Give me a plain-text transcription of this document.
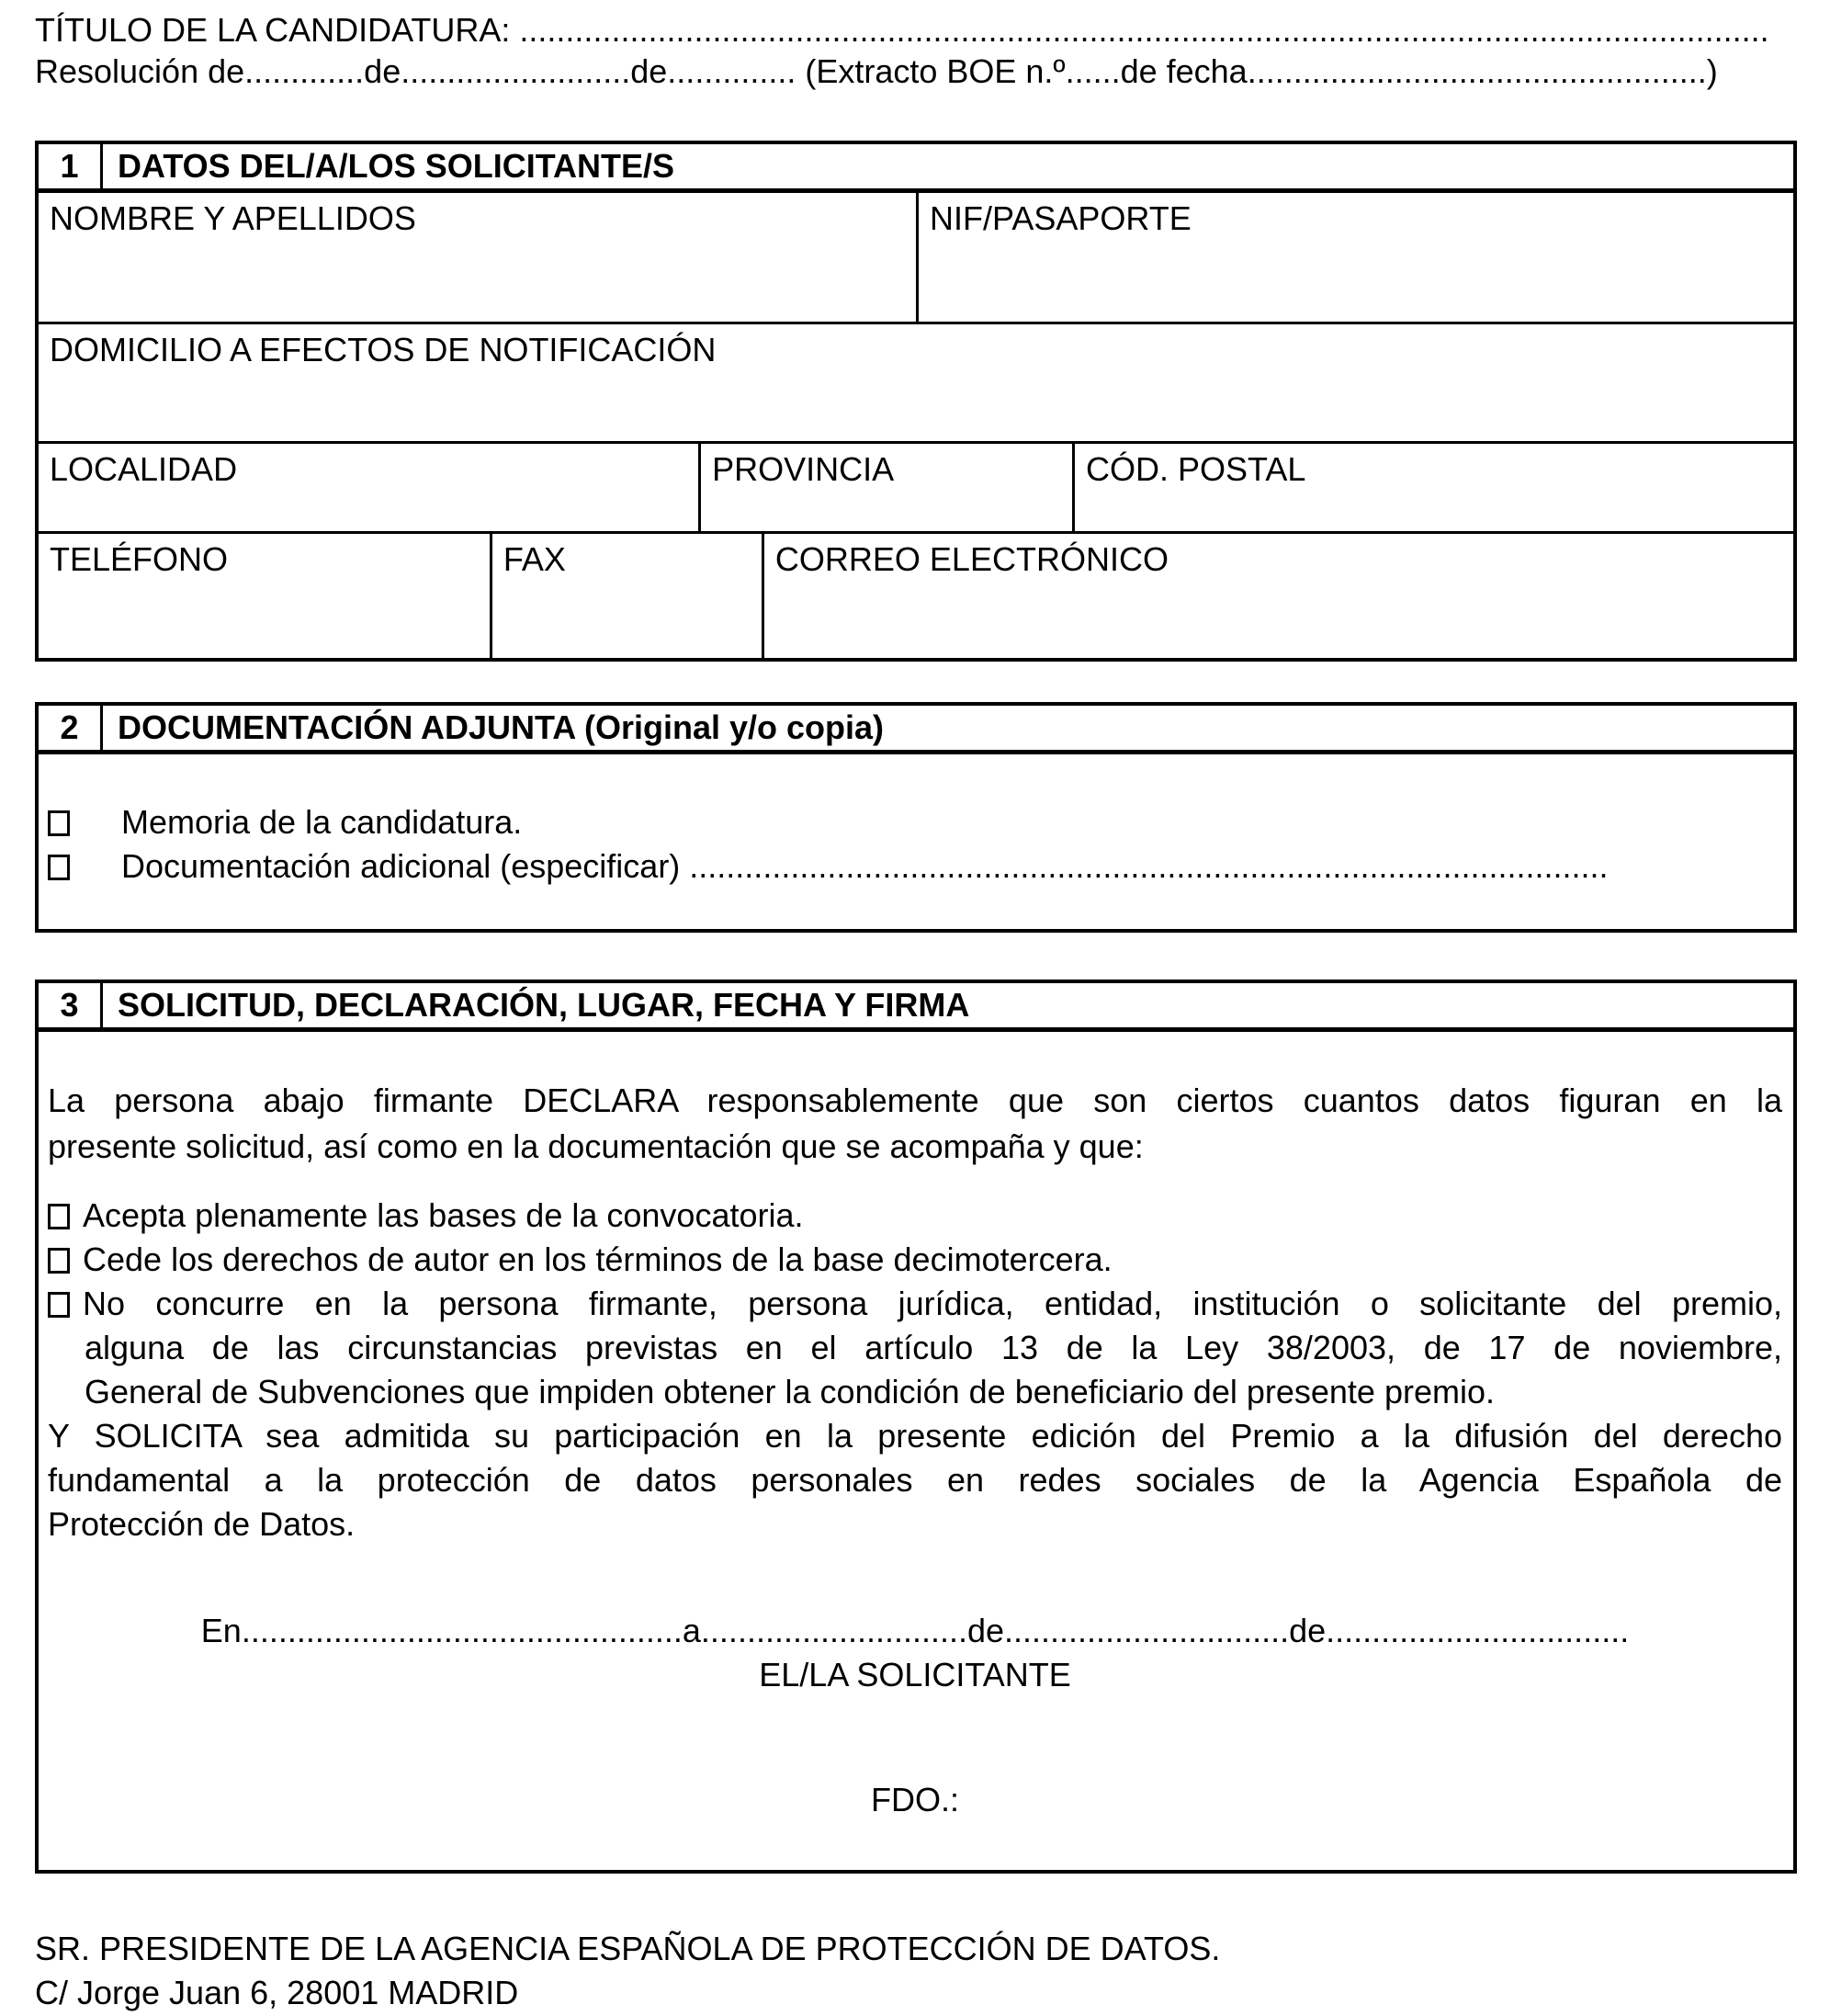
TÍTULO DE LA CANDIDATURA: ........................................................................................................................................
Resolución de.............de.........................de.............. (Extracto BOE n.º......de fecha..................................................)
1	DATOS DEL/A/LOS SOLICITANTE/S
NOMBRE Y APELLIDOS	NIF/PASAPORTE
DOMICILIO A EFECTOS DE NOTIFICACIÓN
LOCALIDAD	PROVINCIA	CÓD. POSTAL
TELÉFONO	FAX	CORREO ELECTRÓNICO
2	DOCUMENTACIÓN ADJUNTA (Original y/o copia)
Memoria de la candidatura.
Documentación adicional (especificar) ....................................................................................................
3	SOLICITUD, DECLARACIÓN, LUGAR, FECHA Y FIRMA
La persona abajo firmante DECLARA responsablemente que son ciertos cuantos datos figuran en la
presente solicitud, así como en la documentación que se acompaña y que:
Acepta plenamente las bases de la convocatoria.
Cede los derechos de autor en los términos de la base decimotercera.
No concurre en la persona firmante, persona jurídica, entidad, institución o solicitante del premio,
alguna de las circunstancias previstas en el artículo 13 de la Ley 38/2003, de 17 de noviembre,
General de Subvenciones que impiden obtener la condición de beneficiario del presente premio.
Y SOLICITA sea admitida su participación en la presente edición del Premio a la difusión del derecho
fundamental a la protección de datos personales en redes sociales de la Agencia Española de
Protección de Datos.
En................................................a.............................de...............................de.................................
EL/LA SOLICITANTE
FDO.:
SR. PRESIDENTE DE LA AGENCIA ESPAÑOLA DE PROTECCIÓN DE DATOS.
C/ Jorge Juan 6, 28001 MADRID
